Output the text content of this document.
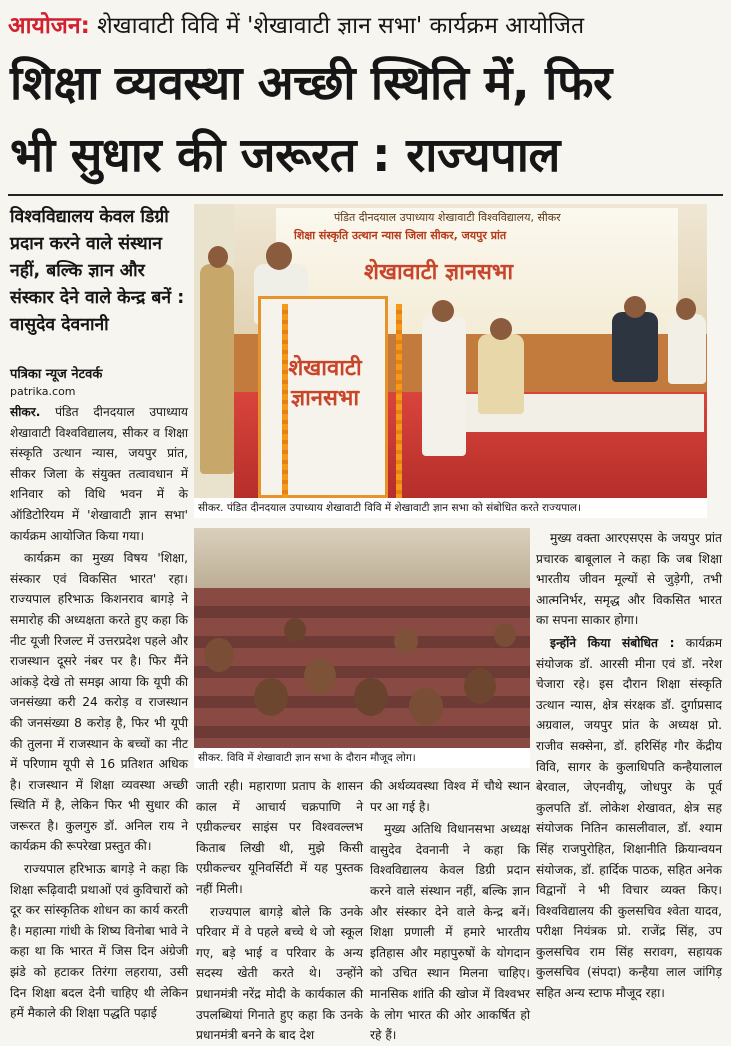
आयोजन: शेखावाटी विवि में 'शेखावाटी ज्ञान सभा' कार्यक्रम आयोजित
शिक्षा व्यवस्था अच्छी स्थिति में, फिर
भी सुधार की जरूरत : राज्यपाल
विश्वविद्यालय केवल डिग्री प्रदान करने वाले संस्थान नहीं, बल्कि ज्ञान और संस्कार देने वाले केन्द्र बनें : वासुदेव देवनानी
पत्रिका न्यूज नेटवर्क
patrika.com

सीकर. पंडित दीनदयाल उपाध्याय शेखावाटी विश्वविद्यालय, सीकर व शिक्षा संस्कृति उत्थान न्यास, जयपुर प्रांत, सीकर जिला के संयुक्त तत्वावधान में शनिवार को विधि भवन में के ऑडिटोरियम में 'शेखावाटी ज्ञान सभा' कार्यक्रम आयोजित किया गया।

कार्यक्रम का मुख्य विषय 'शिक्षा, संस्कार एवं विकसित भारत' रहा। राज्यपाल हरिभाऊ किशनराव बागड़े ने समारोह की अध्यक्षता करते हुए कहा कि नीट यूजी रिजल्ट में उत्तरप्रदेश पहले और राजस्थान दूसरे नंबर पर है। फिर मैंने आंकड़े देखे तो समझ आया कि यूपी की जनसंख्या करी 24 करोड़ व राजस्थान की जनसंख्या 8 करोड़ है, फिर भी यूपी की तुलना में राजस्थान के बच्चों का नीट में परिणाम यूपी से 16 प्रतिशत अधिक है। राजस्थान में शिक्षा व्यवस्था अच्छी स्थिति में है, लेकिन फिर भी सुधार की जरूरत है। कुलगुरु डॉ. अनिल राय ने कार्यक्रम की रूपरेखा प्रस्तुत की।

राज्यपाल हरिभाऊ बागड़े ने कहा कि शिक्षा रूढ़िवादी प्रथाओं एवं कुविचारों को दूर कर सांस्कृतिक शोधन का कार्य करती है। महात्मा गांधी के शिष्य विनोबा भावे ने कहा था कि भारत में जिस दिन अंग्रेजी झंडे को हटाकर तिरंगा लहराया, उसी दिन शिक्षा बदल देनी चाहिए थी लेकिन हमें मैकाले की शिक्षा पद्धति पढ़ाई

पंडित दीनदयाल उपाध्याय शेखावाटी विश्वविद्यालय, सीकर
शिक्षा संस्कृति उत्थान न्यास जिला सीकर, जयपुर प्रांत
शेखावाटी ज्ञानसभा
शेखावाटी ज्ञानसभा
सीकर. पंडित दीनदयाल उपाध्याय शेखावाटी विवि में शेखावाटी ज्ञान सभा को संबोधित करते राज्यपाल।
सीकर. विवि में शेखावाटी ज्ञान सभा के दौरान मौजूद लोग।

जाती रही। महाराणा प्रताप के शासन काल में आचार्य चक्रपाणि ने एग्रीकल्चर साइंस पर विश्ववल्लभ किताब लिखी थी, मुझे किसी एग्रीकल्चर यूनिवर्सिटी में यह पुस्तक नहीं मिली।

राज्यपाल बागड़े बोले कि उनके परिवार में वे पहले बच्चे थे जो स्कूल गए, बड़े भाई व परिवार के अन्य सदस्य खेती करते थे। उन्होंने प्रधानमंत्री नरेंद्र मोदी के कार्यकाल की उपलब्धियां गिनाते हुए कहा कि उनके प्रधानमंत्री बनने के बाद देश

की अर्थव्यवस्था विश्व में चौथे स्थान पर आ गई है।

मुख्य अतिथि विधानसभा अध्यक्ष वासुदेव देवनानी ने कहा कि विश्वविद्यालय केवल डिग्री प्रदान करने वाले संस्थान नहीं, बल्कि ज्ञान और संस्कार देने वाले केन्द्र बनें। शिक्षा प्रणाली में हमारे भारतीय इतिहास और महापुरुषों के योगदान को उचित स्थान मिलना चाहिए। मानसिक शांति की खोज में विश्वभर के लोग भारत की ओर आकर्षित हो रहे हैं।

मुख्य वक्ता आरएसएस के जयपुर प्रांत प्रचारक बाबूलाल ने कहा कि जब शिक्षा भारतीय जीवन मूल्यों से जुड़ेगी, तभी आत्मनिर्भर, समृद्ध और विकसित भारत का सपना साकार होगा।

इन्होंने किया संबोधित : कार्यक्रम संयोजक डॉ. आरसी मीना एवं डॉ. नरेश चेजारा रहे। इस दौरान शिक्षा संस्कृति उत्थान न्यास, क्षेत्र संरक्षक डॉ. दुर्गाप्रसाद अग्रवाल, जयपुर प्रांत के अध्यक्ष प्रो. राजीव सक्सेना, डॉ. हरिसिंह गौर केंद्रीय विवि, सागर के कुलाधिपति कन्हैयालाल बेरवाल, जेएनवीयू, जोधपुर के पूर्व कुलपति डॉ. लोकेश शेखावत, क्षेत्र सह संयोजक नितिन कासलीवाल, डॉ. श्याम सिंह राजपुरोहित, शिक्षानीति क्रियान्वयन संयोजक, डॉ. हार्दिक पाठक, सहित अनेक विद्वानों ने भी विचार व्यक्त किए। विश्वविद्यालय की कुलसचिव श्वेता यादव, परीक्षा नियंत्रक प्रो. राजेंद्र सिंह, उप कुलसचिव राम सिंह सरावग, सहायक कुलसचिव (संपदा) कन्हैया लाल जांगिड़ सहित अन्य स्टाफ मौजूद रहा।
